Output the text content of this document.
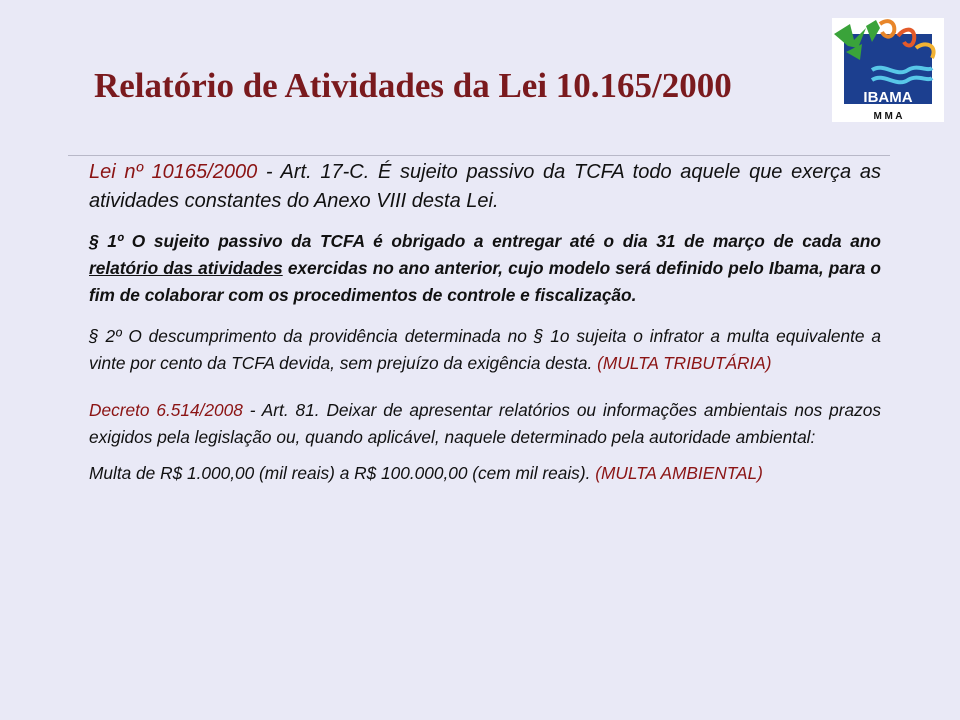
Relatório de Atividades da Lei 10.165/2000	IBAMA
M M A

Lei nº 10165/2000 - Art. 17-C. É sujeito passivo da TCFA todo aquele que exerça as atividades constantes do Anexo VIII desta Lei.

§ 1º O sujeito passivo da TCFA é obrigado a entregar até o dia 31 de março de cada ano relatório das atividades exercidas no ano anterior, cujo modelo será definido pelo Ibama, para o fim de colaborar com os procedimentos de controle e fiscalização.

§ 2º O descumprimento da providência determinada no § 1o sujeita o infrator a multa equivalente a vinte por cento da TCFA devida, sem prejuízo da exigência desta. (MULTA TRIBUTÁRIA)

Decreto 6.514/2008 - Art. 81. Deixar de apresentar relatórios ou informações ambientais nos prazos exigidos pela legislação ou, quando aplicável, naquele determinado pela autoridade ambiental:

Multa de R$ 1.000,00 (mil reais) a R$ 100.000,00 (cem mil reais). (MULTA AMBIENTAL)
